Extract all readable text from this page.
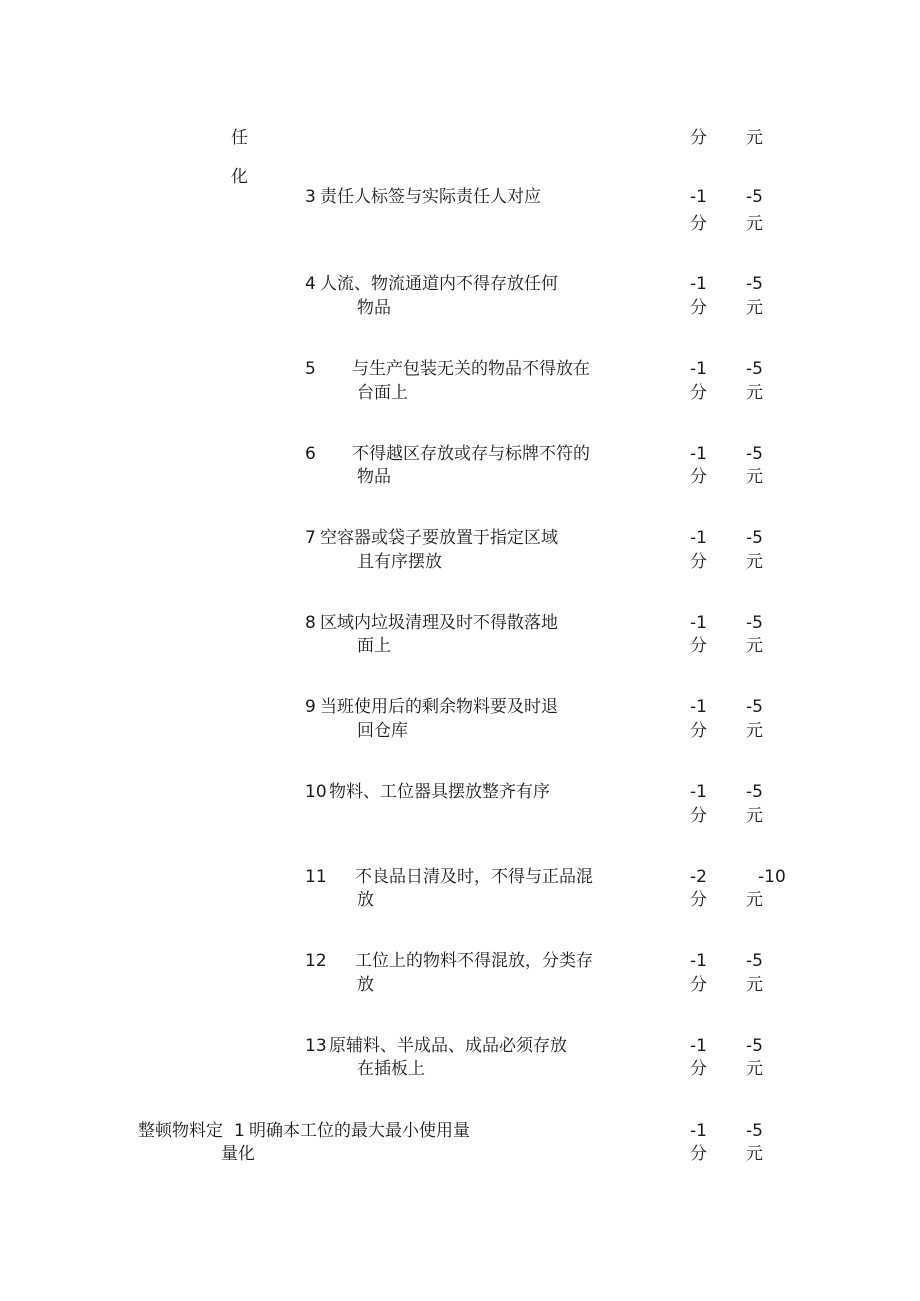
任	分 元
化
3 责任人标签与实际责任人对应	-1 -5
分 元
4 人流、物流通道内不得存放任何
物品
-1 -5
分 元
5 与生产包装无关的物品不得放在
台面上
-1 -5
分 元
6 不得越区存放或存与标牌不符的
物品
-1 -5
分 元
7 空容器或袋子要放置于指定区域
且有序摆放
-1 -5
分 元
8 区域内垃圾清理及时不得散落地
面上
-1 -5
分 元
9 当班使用后的剩余物料要及时退
回仓库
-1 -5
分 元
10 物料、工位器具摆放整齐有序	-1 -5
分 元
11 不良品日清及时，不得与正品混
放
-2	-10
分 元
12 工位上的物料不得混放，分类存
放
-1 -5
分 元
13 原辅料、半成品、成品必须存放
在插板上
-1 -5
分 元
整顿物料定
量化
1 明确本工位的最大最小使用量	-1 -5
分 元
